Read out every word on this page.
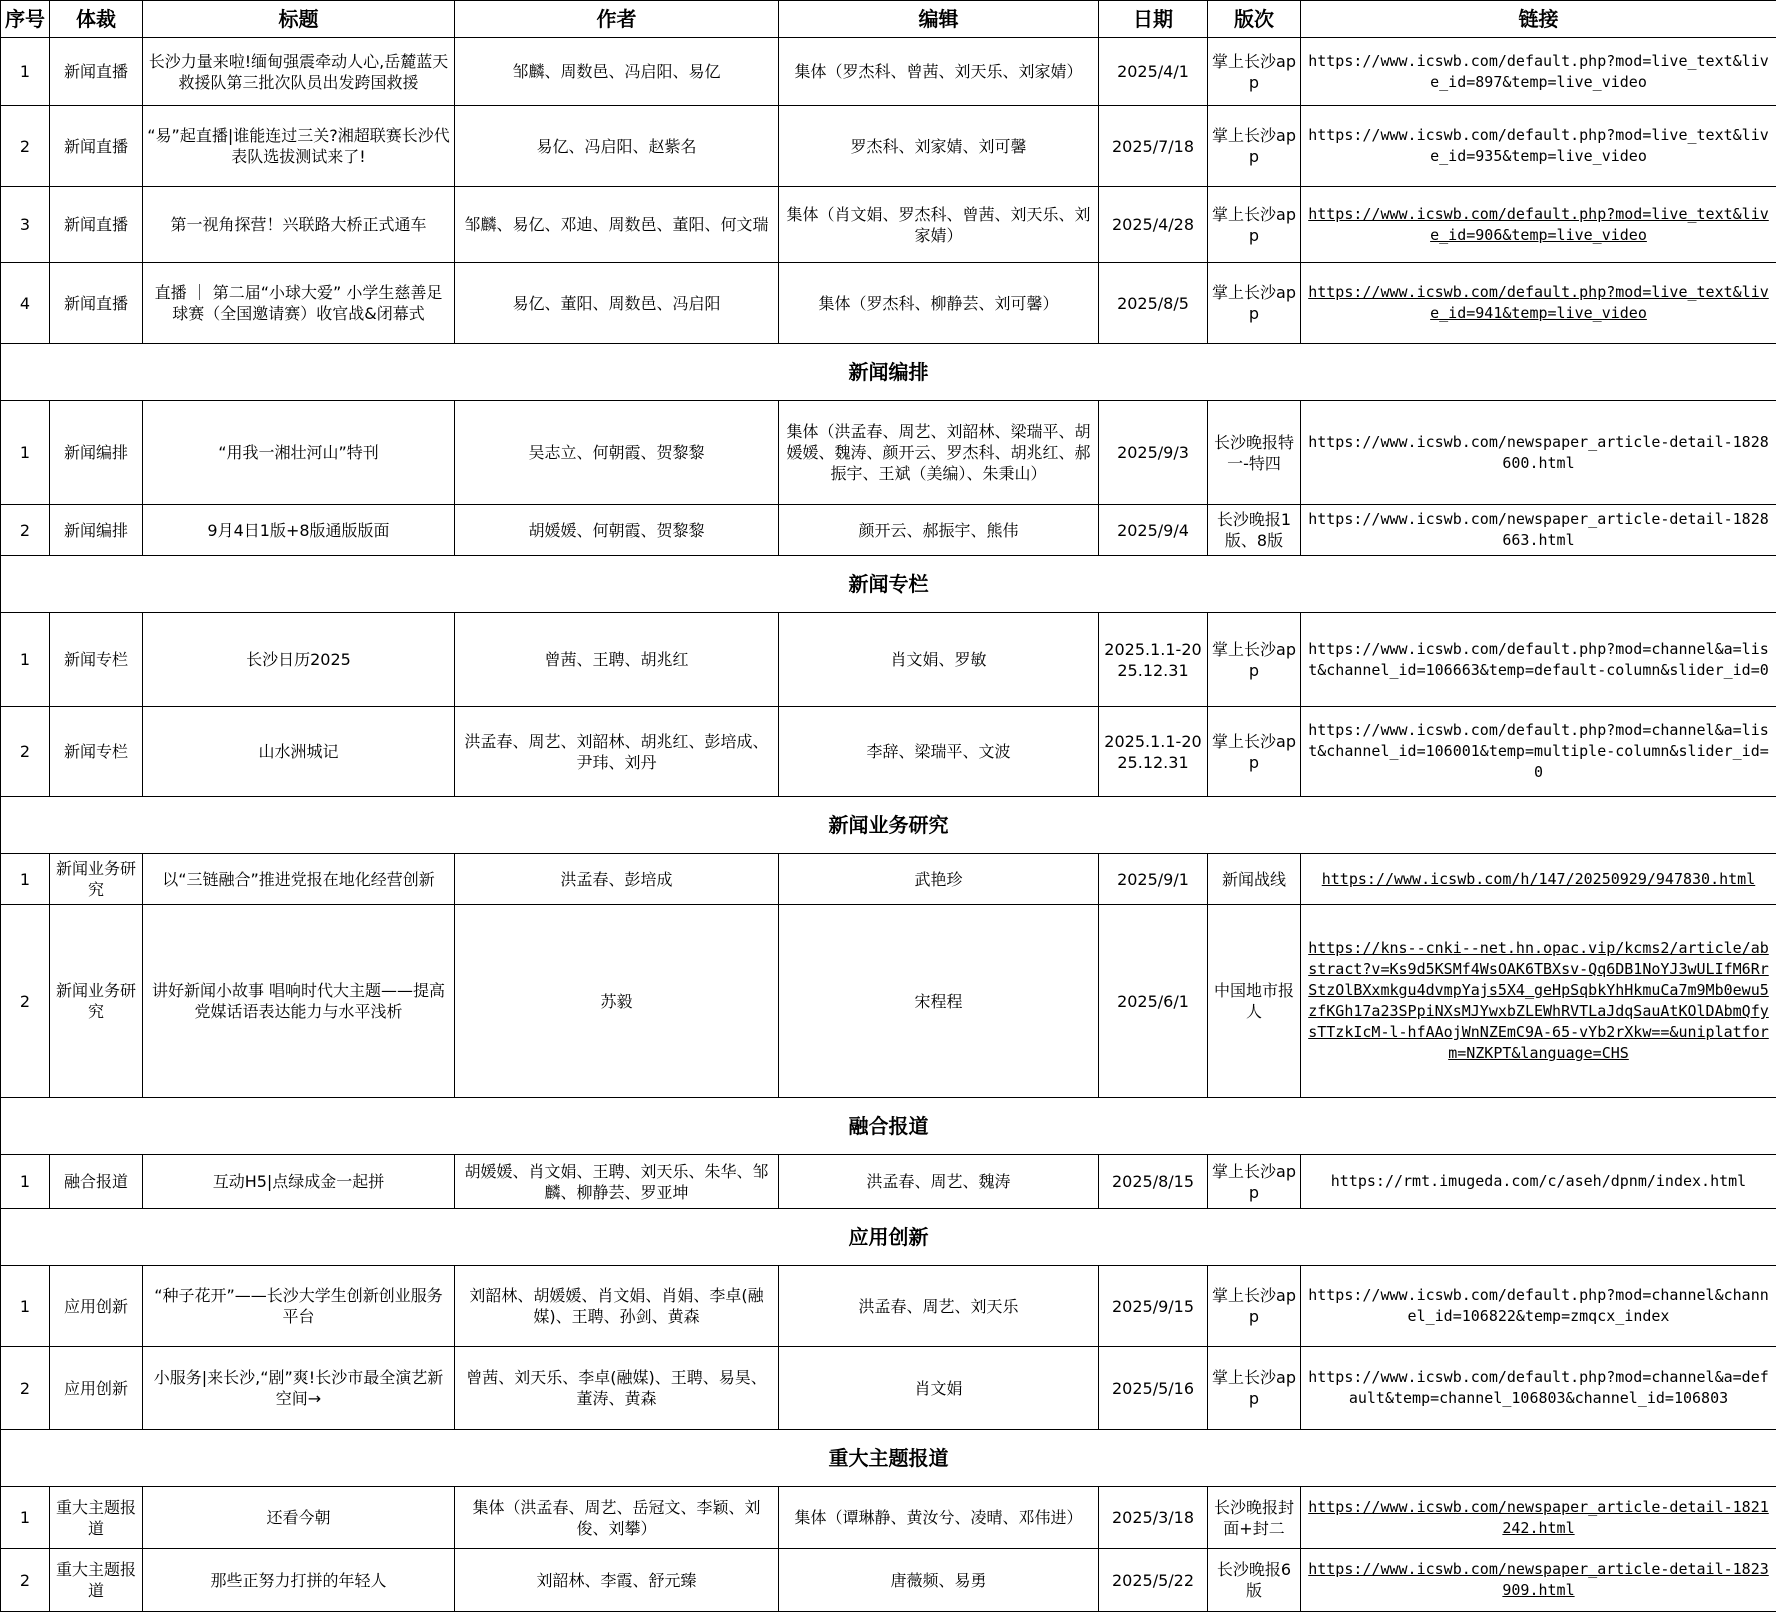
序号	体裁	标题	作者	编辑	日期	版次	链接
1	新闻直播	长沙力量来啦!缅甸强震牵动人心,岳麓蓝天救援队第三批次队员出发跨国救援	邹麟、周数邑、冯启阳、易亿	集体（罗杰科、曾茜、刘天乐、刘家婧）	2025/4/1	掌上长沙app	https://www.icswb.com/default.php?mod=live_text&live_id=897&temp=live_video
2	新闻直播	“易”起直播|谁能连过三关?湘超联赛长沙代表队选拔测试来了!	易亿、冯启阳、赵紫名	罗杰科、刘家婧、刘可馨	2025/7/18	掌上长沙app	https://www.icswb.com/default.php?mod=live_text&live_id=935&temp=live_video
3	新闻直播	第一视角探营！兴联路大桥正式通车	邹麟、易亿、邓迪、周数邑、董阳、何文瑞	集体（肖文娟、罗杰科、曾茜、刘天乐、刘家婧）	2025/4/28	掌上长沙app	https://www.icswb.com/default.php?mod=live_text&live_id=906&temp=live_video
4	新闻直播	直播 ｜ 第二届“小球大爱” 小学生慈善足球赛（全国邀请赛）收官战&闭幕式	易亿、董阳、周数邑、冯启阳	集体（罗杰科、柳静芸、刘可馨）	2025/8/5	掌上长沙app	https://www.icswb.com/default.php?mod=live_text&live_id=941&temp=live_video
新闻编排							
1	新闻编排	“用我一湘壮河山”特刊	吴志立、何朝霞、贺黎黎	集体（洪孟春、周艺、刘韶林、梁瑞平、胡媛媛、魏涛、颜开云、罗杰科、胡兆红、郝振宇、王斌（美编）、朱秉山）	2025/9/3	长沙晚报特一-特四	https://www.icswb.com/newspaper_article-detail-1828600.html
2	新闻编排	9月4日1版+8版通版版面	胡媛媛、何朝霞、贺黎黎	颜开云、郝振宇、熊伟	2025/9/4	长沙晚报1版、8版	https://www.icswb.com/newspaper_article-detail-1828663.html
新闻专栏							
1	新闻专栏	长沙日历2025	曾茜、王聘、胡兆红	肖文娟、罗敏	2025.1.1-2025.12.31	掌上长沙app	https://www.icswb.com/default.php?mod=channel&a=list&channel_id=106663&temp=default-column&slider_id=0
2	新闻专栏	山水洲城记	洪孟春、周艺、刘韶林、胡兆红、彭培成、尹玮、刘丹	李辞、梁瑞平、文波	2025.1.1-2025.12.31	掌上长沙app	https://www.icswb.com/default.php?mod=channel&a=list&channel_id=106001&temp=multiple-column&slider_id=0
新闻业务研究							
1	新闻业务研究	以“三链融合”推进党报在地化经营创新	洪孟春、彭培成	武艳珍	2025/9/1	新闻战线	https://www.icswb.com/h/147/20250929/947830.html
2	新闻业务研究	讲好新闻小故事 唱响时代大主题——提高党媒话语表达能力与水平浅析	苏毅	宋程程	2025/6/1	中国地市报人	https://kns--cnki--net.hn.opac.vip/kcms2/article/abstract?v=Ks9d5KSMf4WsOAK6TBXsv-Qq6DB1NoYJ3wULIfM6RrStzOlBXxmkgu4dvmpYajs5X4_geHpSqbkYhHkmuCa7m9Mb0ewu5zfKGh17a23SPpiNXsMJYwxbZLEWhRVTLaJdqSauAtKOlDAbmQfysTTzkIcM-l-hfAAojWnNZEmC9A-65-vYb2rXkw==&uniplatform=NZKPT&language=CHS
融合报道							
1	融合报道	互动H5|点绿成金一起拼	胡媛媛、肖文娟、王聘、刘天乐、朱华、邹麟、柳静芸、罗亚坤	洪孟春、周艺、魏涛	2025/8/15	掌上长沙app	https://rmt.imugeda.com/c/aseh/dpnm/index.html
应用创新							
1	应用创新	“种子花开”——长沙大学生创新创业服务平台	刘韶林、胡媛媛、肖文娟、肖娟、李卓(融媒)、王聘、孙剑、黄森	洪孟春、周艺、刘天乐	2025/9/15	掌上长沙app	https://www.icswb.com/default.php?mod=channel&channel_id=106822&temp=zmqcx_index
2	应用创新	小服务|来长沙,“剧”爽!长沙市最全演艺新空间→	曾茜、刘天乐、李卓(融媒)、王聘、易昊、董涛、黄森	肖文娟	2025/5/16	掌上长沙app	https://www.icswb.com/default.php?mod=channel&a=default&temp=channel_106803&channel_id=106803
重大主题报道							
1	重大主题报道	还看今朝	集体（洪孟春、周艺、岳冠文、李颖、刘俊、刘攀）	集体（谭琳静、黄汝兮、凌晴、邓伟进）	2025/3/18	长沙晚报封面+封二	https://www.icswb.com/newspaper_article-detail-1821242.html
2	重大主题报道	那些正努力打拼的年轻人	刘韶林、李霞、舒元臻	唐薇频、易勇	2025/5/22	长沙晚报6版	https://www.icswb.com/newspaper_article-detail-1823909.html
